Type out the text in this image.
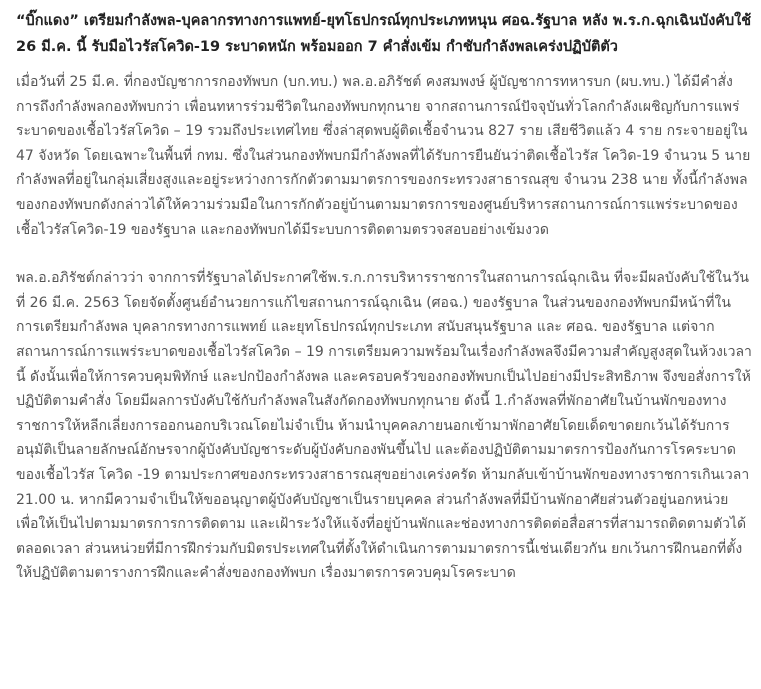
“บิ๊กแดง” เตรียมกำลังพล-บุคลากรทางการแพทย์-ยุทโธปกรณ์ทุกประเภทหนุน ศอฉ.รัฐบาล หลัง พ.ร.ก.ฉุกเฉินบังคับใช้ 26 มี.ค. นี้ รับมือไวรัสโควิด-19 ระบาดหนัก พร้อมออก 7 คำสั่งเข้ม กำชับกำลังพลเคร่งปฏิบัติตัว

เมื่อวันที่ 25 มี.ค. ที่กองบัญชาการกองทัพบก (บก.ทบ.) พล.อ.อภิรัชต์ คงสมพงษ์ ผู้บัญชาการทหารบก (ผบ.ทบ.) ได้มีคำสั่งการถึงกำลังพลกองทัพบกว่า เพื่อนทหารร่วมชีวิตในกองทัพบกทุกนาย จากสถานการณ์ปัจจุบันทั่วโลกกำลังเผชิญกับการแพร่ระบาดของเชื้อไวรัสโควิด – 19 รวมถึงประเทศไทย ซึ่งล่าสุดพบผู้ติดเชื้อจำนวน 827 ราย เสียชีวิตแล้ว 4 ราย กระจายอยู่ใน 47 จังหวัด โดยเฉพาะในพื้นที่ กทม. ซึ่งในส่วนกองทัพบกมีกำลังพลที่ได้รับการยืนยันว่าติดเชื้อไวรัส โควิด-19 จำนวน 5 นาย กำลังพลที่อยู่ในกลุ่มเสี่ยงสูงและอยู่ระหว่างการกักตัวตามมาตรการของกระทรวงสาธารณสุข จำนวน 238 นาย ทั้งนี้กำลังพลของกองทัพบกดังกล่าวได้ให้ความร่วมมือในการกักตัวอยู่บ้านตามมาตรการของศูนย์บริหารสถานการณ์การแพร่ระบาดของเชื้อไวรัสโควิด-19 ของรัฐบาล และกองทัพบกได้มีระบบการติดตามตรวจสอบอย่างเข้มงวด

พล.อ.อภิรัชต์กล่าวว่า จากการที่รัฐบาลได้ประกาศใช้พ.ร.ก.การบริหารราชการในสถานการณ์ฉุกเฉิน ที่จะมีผลบังคับใช้ในวันที่ 26 มี.ค. 2563 โดยจัดตั้งศูนย์อำนวยการแก้ไขสถานการณ์ฉุกเฉิน (ศอฉ.) ของรัฐบาล ในส่วนของกองทัพบกมีหน้าที่ในการเตรียมกำลังพล บุคลากรทางการแพทย์ และยุทโธปกรณ์ทุกประเภท สนับสนุนรัฐบาล และ ศอฉ. ของรัฐบาล แต่จากสถานการณ์การแพร่ระบาดของเชื้อไวรัสโควิด – 19 การเตรียมความพร้อมในเรื่องกำลังพลจึงมีความสำคัญสูงสุดในห้วงเวลานี้ ดังนั้นเพื่อให้การควบคุมพิทักษ์ และปกป้องกำลังพล และครอบครัวของกองทัพบกเป็นไปอย่างมีประสิทธิภาพ จึงขอสั่งการให้ปฏิบัติตามคำสั่ง โดยมีผลการบังคับใช้กับกำลังพลในสังกัดกองทัพบกทุกนาย ดังนี้ 1.กำลังพลที่พักอาศัยในบ้านพักของทางราชการให้หลีกเลี่ยงการออกนอกบริเวณโดยไม่จำเป็น ห้ามนำบุคคลภายนอกเข้ามาพักอาศัยโดยเด็ดขาดยกเว้นได้รับการอนุมัติเป็นลายลักษณ์อักษรจากผู้บังคับบัญชาระดับผู้บังคับกองพันขึ้นไป และต้องปฏิบัติตามมาตรการป้องกันการโรคระบาดของเชื้อไวรัส โควิด -19 ตามประกาศของกระทรวงสาธารณสุขอย่างเคร่งครัด ห้ามกลับเข้าบ้านพักของทางราชการเกินเวลา 21.00 น. หากมีความจำเป็นให้ขออนุญาตผู้บังคับบัญชาเป็นรายบุคคล ส่วนกำลังพลที่มีบ้านพักอาศัยส่วนตัวอยู่นอกหน่วย เพื่อให้เป็นไปตามมาตรการการติดตาม และเฝ้าระวังให้แจ้งที่อยู่บ้านพักและช่องทางการติดต่อสื่อสารที่สามารถติดตามตัวได้ตลอดเวลา ส่วนหน่วยที่มีการฝึกร่วมกับมิตรประเทศในที่ตั้งให้ดำเนินการตามมาตรการนี้เช่นเดียวกัน ยกเว้นการฝึกนอกที่ตั้งให้ปฏิบัติตามตารางการฝึกและคำสั่งของกองทัพบก เรื่องมาตรการควบคุมโรคระบาด
